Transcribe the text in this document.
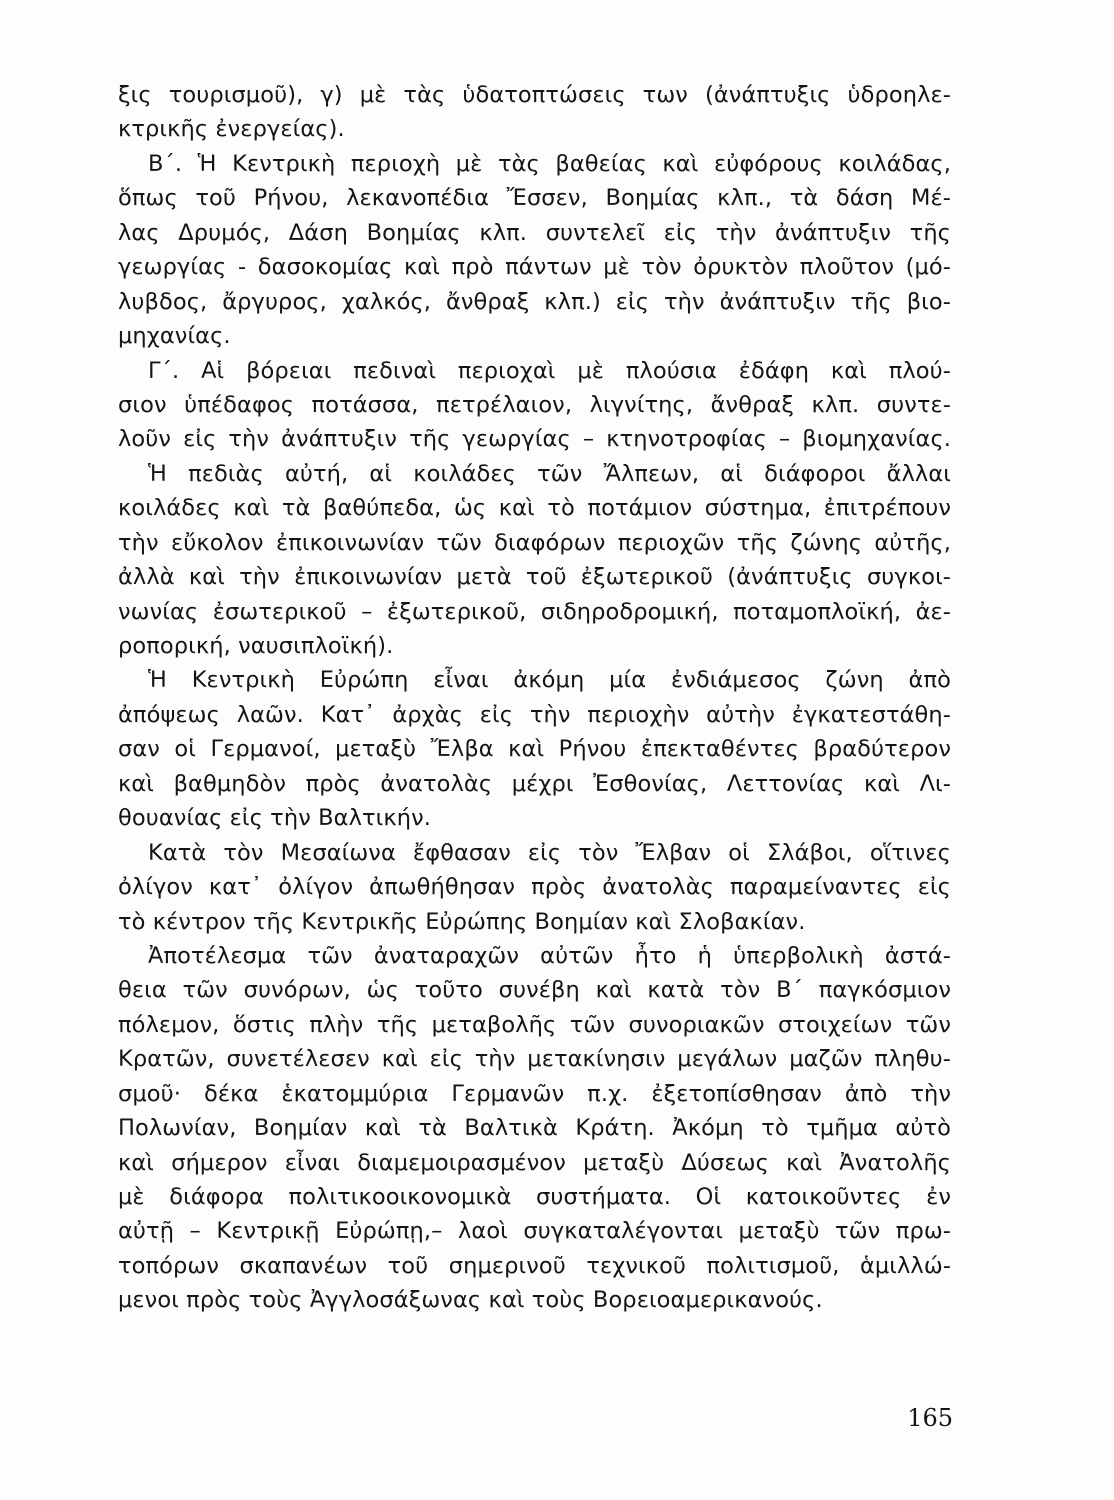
ξις τουρισμοῦ), γ) μὲ τὰς ὑδατοπτώσεις των (ἀνάπτυξις ὑδροηλε-
κτρικῆς ἐνεργείας).
Β΄. Ἡ Κεντρικὴ περιοχὴ μὲ τὰς βαθείας καὶ εὐφόρους κοιλάδας,
ὅπως τοῦ Ρήνου, λεκανοπέδια Ἔσσεν, Βοημίας κλπ., τὰ δάση Μέ-
λας Δρυμός, Δάση Βοημίας κλπ. συντελεῖ εἰς τὴν ἀνάπτυξιν τῆς
γεωργίας - δασοκομίας καὶ πρὸ πάντων μὲ τὸν ὀρυκτὸν πλοῦτον (μό-
λυβδος, ἄργυρος, χαλκός, ἄνθραξ κλπ.) εἰς τὴν ἀνάπτυξιν τῆς βιο-
μηχανίας.
Γ΄. Αἱ βόρειαι πεδιναὶ περιοχαὶ μὲ πλούσια ἐδάφη καὶ πλού-
σιον ὑπέδαφος ποτάσσα, πετρέλαιον, λιγνίτης, ἄνθραξ κλπ. συντε-
λοῦν εἰς τὴν ἀνάπτυξιν τῆς γεωργίας – κτηνοτροφίας – βιομηχανίας.
Ἡ πεδιὰς αὐτή, αἱ κοιλάδες τῶν Ἄλπεων, αἱ διάφοροι ἄλλαι
κοιλάδες καὶ τὰ βαθύπεδα, ὡς καὶ τὸ ποτάμιον σύστημα, ἐπιτρέπουν
τὴν εὔκολον ἐπικοινωνίαν τῶν διαφόρων περιοχῶν τῆς ζώνης αὐτῆς,
ἀλλὰ καὶ τὴν ἐπικοινωνίαν μετὰ τοῦ ἐξωτερικοῦ (ἀνάπτυξις συγκοι-
νωνίας ἐσωτερικοῦ – ἐξωτερικοῦ, σιδηροδρομική, ποταμοπλοϊκή, ἀε-
ροπορική, ναυσιπλοϊκή).
Ἡ Κεντρικὴ Εὐρώπη εἶναι ἀκόμη μία ἐνδιάμεσος ζώνη ἀπὸ
ἀπόψεως λαῶν. Κατ᾽ ἀρχὰς εἰς τὴν περιοχὴν αὐτὴν ἐγκατεστάθη-
σαν οἱ Γερμανοί, μεταξὺ Ἔλβα καὶ Ρήνου ἐπεκταθέντες βραδύτερον
καὶ βαθμηδὸν πρὸς ἀνατολὰς μέχρι Ἐσθονίας, Λεττονίας καὶ Λι-
θουανίας εἰς τὴν Βαλτικήν.
Κατὰ τὸν Μεσαίωνα ἔφθασαν εἰς τὸν Ἔλβαν οἱ Σλάβοι, οἵτινες
ὀλίγον κατ᾽ ὀλίγον ἀπωθήθησαν πρὸς ἀνατολὰς παραμείναντες εἰς
τὸ κέντρον τῆς Κεντρικῆς Εὐρώπης Βοημίαν καὶ Σλοβακίαν.
Ἀποτέλεσμα τῶν ἀναταραχῶν αὐτῶν ἦτο ἡ ὑπερβολικὴ ἀστά-
θεια τῶν συνόρων, ὡς τοῦτο συνέβη καὶ κατὰ τὸν Β΄ παγκόσμιον
πόλεμον, ὅστις πλὴν τῆς μεταβολῆς τῶν συνοριακῶν στοιχείων τῶν
Κρατῶν, συνετέλεσεν καὶ εἰς τὴν μετακίνησιν μεγάλων μαζῶν πληθυ-
σμοῦ· δέκα ἑκατομμύρια Γερμανῶν π.χ. ἐξετοπίσθησαν ἀπὸ τὴν
Πολωνίαν, Βοημίαν καὶ τὰ Βαλτικὰ Κράτη. Ἀκόμη τὸ τμῆμα αὐτὸ
καὶ σήμερον εἶναι διαμεμοιρασμένον μεταξὺ Δύσεως καὶ Ἀνατολῆς
μὲ διάφορα πολιτικοοικονομικὰ συστήματα. Οἱ κατοικοῦντες ἐν
αὐτῇ – Κεντρικῇ Εὐρώπῃ,– λαοὶ συγκαταλέγονται μεταξὺ τῶν πρω-
τοπόρων σκαπανέων τοῦ σημερινοῦ τεχνικοῦ πολιτισμοῦ, ἁμιλλώ-
μενοι πρὸς τοὺς Ἀγγλοσάξωνας καὶ τοὺς Βορειοαμερικανούς.
165
